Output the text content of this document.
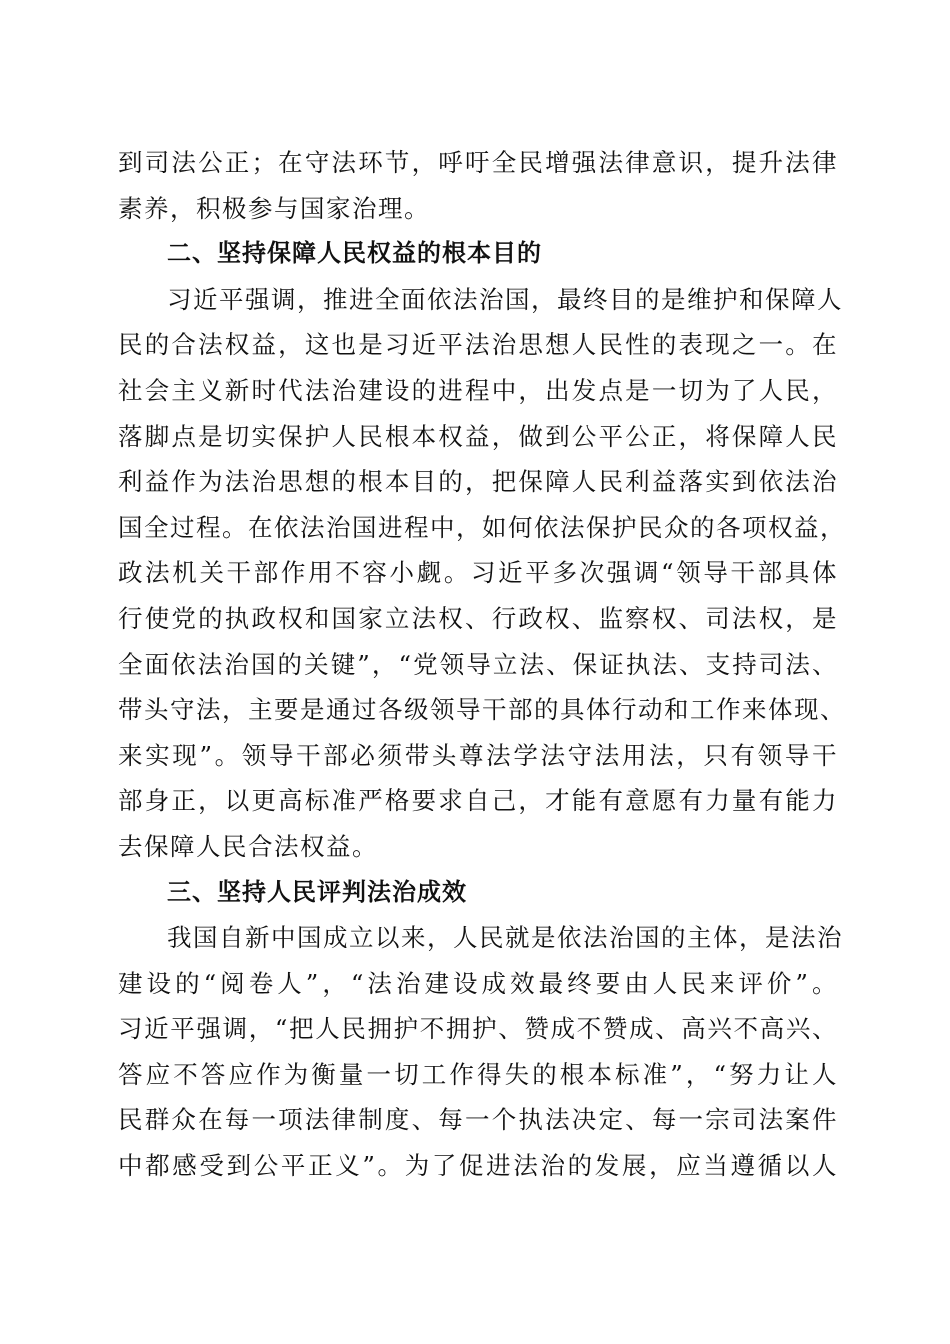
到司法公正；在守法环节，呼吁全民增强法律意识，提升法律
素养，积极参与国家治理。
二、坚持保障人民权益的根本目的
习近平强调，推进全面依法治国，最终目的是维护和保障人
民的合法权益，这也是习近平法治思想人民性的表现之一。在
社会主义新时代法治建设的进程中，出发点是一切为了人民，
落脚点是切实保护人民根本权益，做到公平公正，将保障人民
利益作为法治思想的根本目的，把保障人民利益落实到依法治
国全过程。在依法治国进程中，如何依法保护民众的各项权益，
政法机关干部作用不容小觑。习近平多次强调“领导干部具体
行使党的执政权和国家立法权、行政权、监察权、司法权，是
全面依法治国的关键”，“党领导立法、保证执法、支持司法、
带头守法，主要是通过各级领导干部的具体行动和工作来体现、
来实现”。领导干部必须带头尊法学法守法用法，只有领导干
部身正，以更高标准严格要求自己，才能有意愿有力量有能力
去保障人民合法权益。
三、坚持人民评判法治成效
我国自新中国成立以来，人民就是依法治国的主体，是法治
建设的“阅卷人”，“法治建设成效最终要由人民来评价”。
习近平强调，“把人民拥护不拥护、赞成不赞成、高兴不高兴、
答应不答应作为衡量一切工作得失的根本标准”，“努力让人
民群众在每一项法律制度、每一个执法决定、每一宗司法案件
中都感受到公平正义”。为了促进法治的发展，应当遵循以人
